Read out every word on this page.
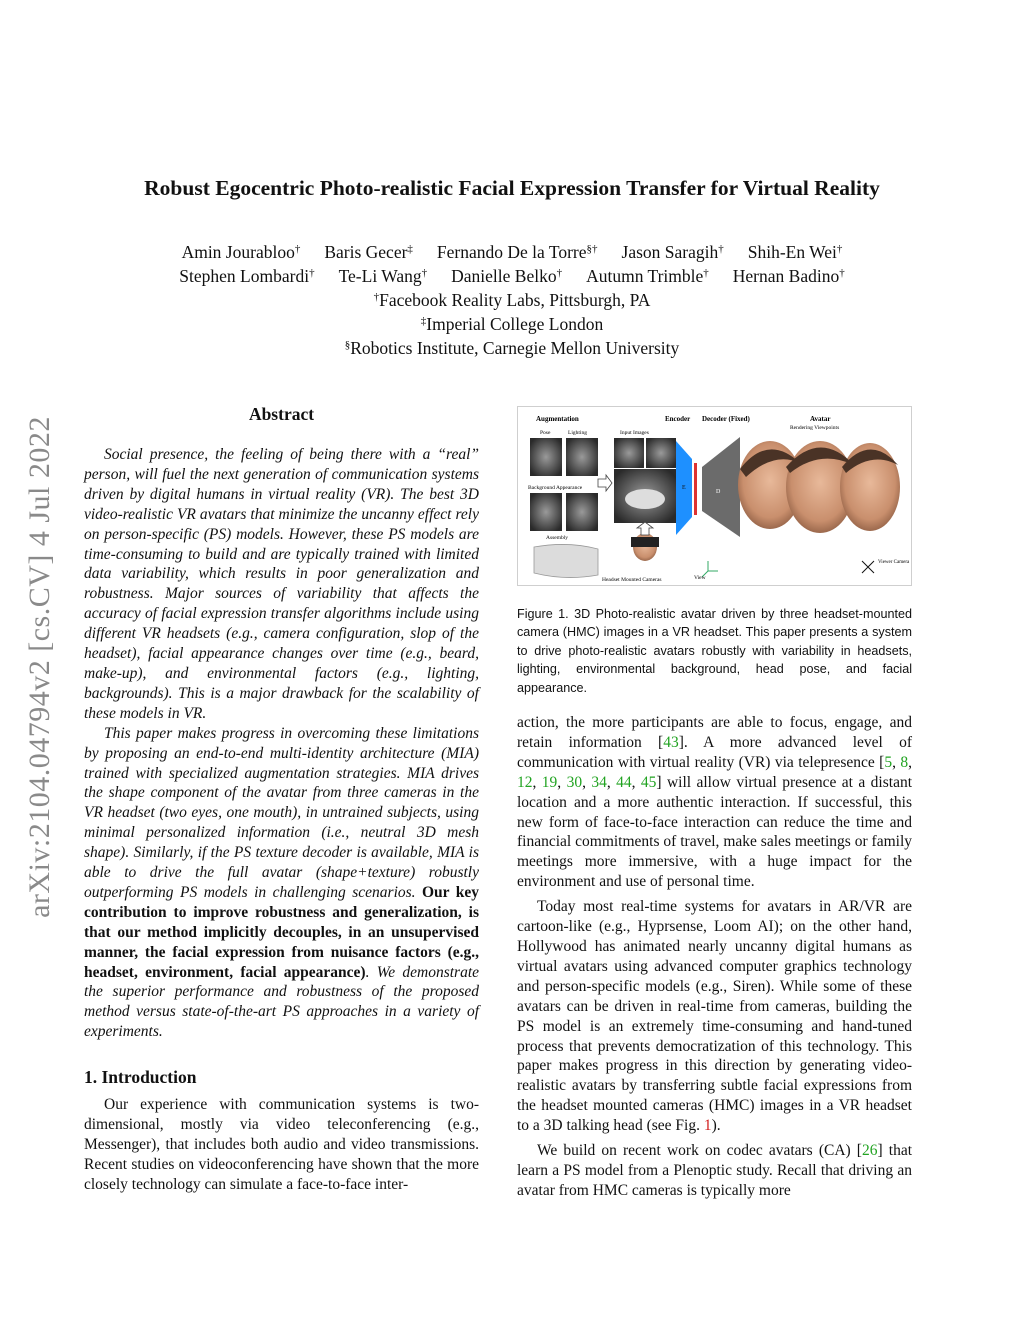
arXiv:2104.04794v2 [cs.CV] 4 Jul 2022
Robust Egocentric Photo-realistic Facial Expression Transfer for Virtual Reality
Amin Jourabloo† Baris Gecer‡ Fernando De la Torre§† Jason Saragih† Shih-En Wei†
Stephen Lombardi† Te-Li Wang† Danielle Belko† Autumn Trimble† Hernan Badino†
†Facebook Reality Labs, Pittsburgh, PA
‡Imperial College London
§Robotics Institute, Carnegie Mellon University
Abstract

Social presence, the feeling of being there with a “real” person, will fuel the next generation of communication systems driven by digital humans in virtual reality (VR). The best 3D video-realistic VR avatars that minimize the uncanny effect rely on person-specific (PS) models. However, these PS models are time-consuming to build and are typically trained with limited data variability, which results in poor generalization and robustness. Major sources of variability that affects the accuracy of facial expression transfer algorithms include using different VR headsets (e.g., camera configuration, slop of the headset), facial appearance changes over time (e.g., beard, make-up), and environmental factors (e.g., lighting, backgrounds). This is a major drawback for the scalability of these models in VR.

This paper makes progress in overcoming these limitations by proposing an end-to-end multi-identity architecture (MIA) trained with specialized augmentation strategies. MIA drives the shape component of the avatar from three cameras in the VR headset (two eyes, one mouth), in untrained subjects, using minimal personalized information (i.e., neutral 3D mesh shape). Similarly, if the PS texture decoder is available, MIA is able to drive the full avatar (shape+texture) robustly outperforming PS models in challenging scenarios. Our key contribution to improve robustness and generalization, is that our method implicitly decouples, in an unsupervised manner, the facial expression from nuisance factors (e.g., headset, environment, facial appearance). We demonstrate the superior performance and robustness of the proposed method versus state-of-the-art PS approaches in a variety of experiments.

1. Introduction

Our experience with communication systems is two-dimensional, mostly via video teleconferencing (e.g., Messenger), that includes both audio and video transmissions. Recent studies on videoconferencing have shown that the more closely technology can simulate a face-to-face inter-

Augmentation
Pose	Lighting
Background Appearance
Assembly
Input Images
Headset Mounted Cameras
Encoder
E
Decoder (Fixed)
D
Avatar
Rendering Viewpoints
View
Viewer Camera
Figure 1. 3D Photo-realistic avatar driven by three headset-mounted camera (HMC) images in a VR headset. This paper presents a system to drive photo-realistic avatars robustly with variability in headsets, lighting, environmental background, head pose, and facial appearance.

action, the more participants are able to focus, engage, and retain information [43]. A more advanced level of communication with virtual reality (VR) via telepresence [5, 8, 12, 19, 30, 34, 44, 45] will allow virtual presence at a distant location and a more authentic interaction. If successful, this new form of face-to-face interaction can reduce the time and financial commitments of travel, make sales meetings or family meetings more immersive, with a huge impact for the environment and use of personal time.

Today most real-time systems for avatars in AR/VR are cartoon-like (e.g., Hyprsense, Loom AI); on the other hand, Hollywood has animated nearly uncanny digital humans as virtual avatars using advanced computer graphics technology and person-specific models (e.g., Siren). While some of these avatars can be driven in real-time from cameras, building the PS model is an extremely time-consuming and hand-tuned process that prevents democratization of this technology. This paper makes progress in this direction by generating video-realistic avatars by transferring subtle facial expressions from the headset mounted cameras (HMC) images in a VR headset to a 3D talking head (see Fig. 1).

We build on recent work on codec avatars (CA) [26] that learn a PS model from a Plenoptic study. Recall that driving an avatar from HMC cameras is typically more
